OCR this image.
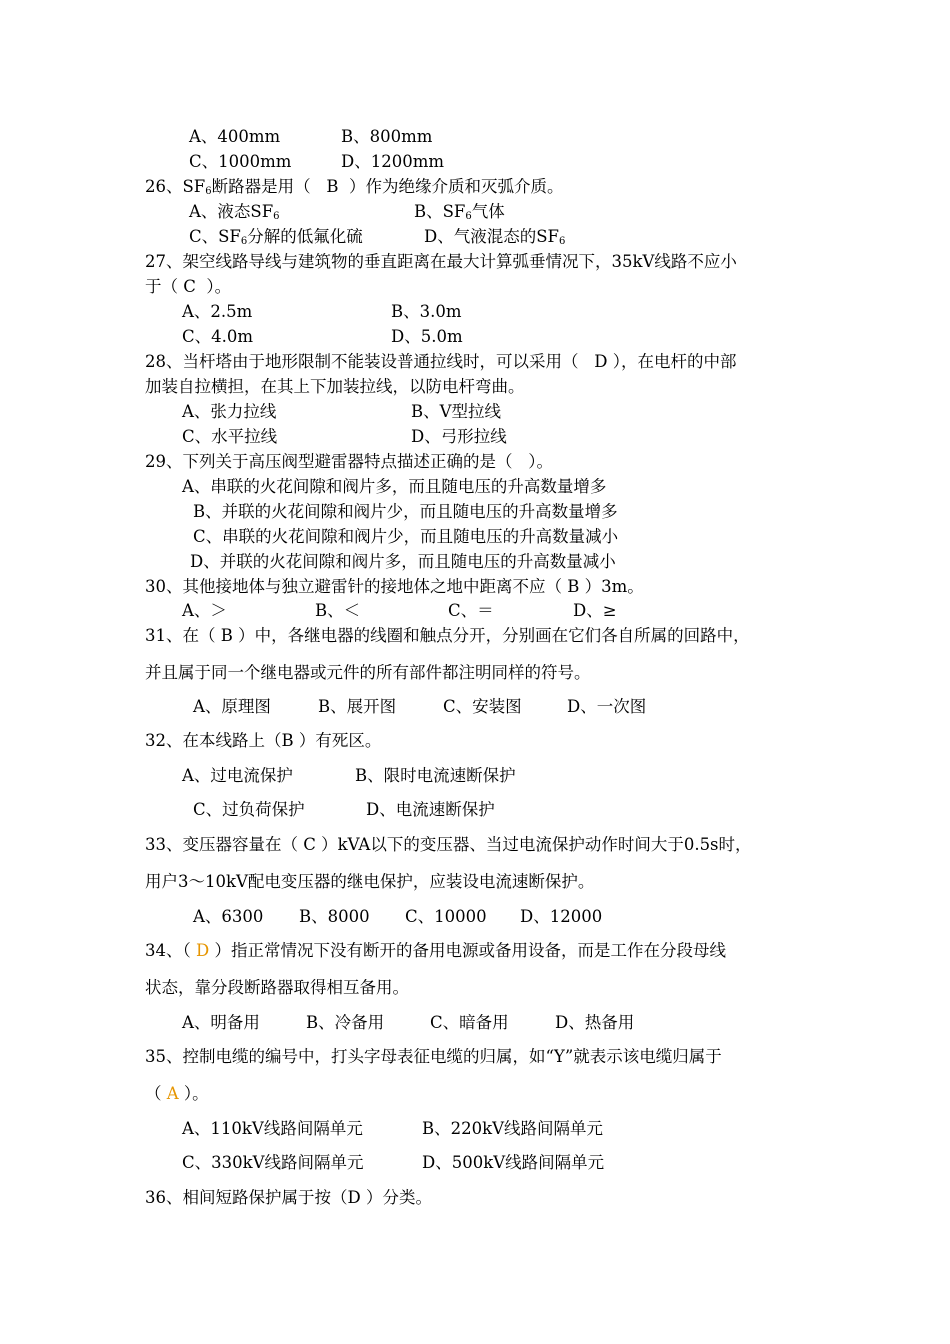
A、400mm	B、800mm
C、1000mm	D、1200mm
26、$SF_6$断路器是用（   B  ）作为绝缘介质和灭弧介质。
A、液态$SF_6$	B、$SF_6$气体
C、$SF_6$分解的低氟化硫	D、气液混态的$SF_6$
27、架空线路导线与建筑物的垂直距离在最大计算弧垂情况下，35kV线路不应小
于（ C  ）。
A、2.5m	B、3.0m
C、4.0m	D、5.0m
28、当杆塔由于地形限制不能装设普通拉线时，可以采用（   D ），在电杆的中部
加装自拉横担，在其上下加装拉线，以防电杆弯曲。
A、张力拉线	B、V型拉线
C、水平拉线	D、弓形拉线
29、下列关于高压阀型避雷器特点描述正确的是（   ）。
A、串联的火花间隙和阀片多，而且随电压的升高数量增多
B、并联的火花间隙和阀片少，而且随电压的升高数量增多
C、串联的火花间隙和阀片少，而且随电压的升高数量减小
D、并联的火花间隙和阀片多，而且随电压的升高数量减小
30、其他接地体与独立避雷针的接地体之地中距离不应（ B ）3m。
A、＞	B、＜	C、＝	D、≥
31、在（ B ）中，各继电器的线圈和触点分开，分别画在它们各自所属的回路中，
并且属于同一个继电器或元件的所有部件都注明同样的符号。
A、原理图	B、展开图	C、安装图	D、一次图
32、在本线路上（B ）有死区。
A、过电流保护	B、限时电流速断保护
C、过负荷保护	D、电流速断保护
33、变压器容量在（ C ）kVA以下的变压器、当过电流保护动作时间大于0.5s时，
用户3～10kV配电变压器的继电保护，应装设电流速断保护。
A、6300 B、8000 C、10000 D、12000
34、（ D ）指正常情况下没有断开的备用电源或备用设备，而是工作在分段母线
状态，靠分段断路器取得相互备用。
A、明备用	B、冷备用	C、暗备用	D、热备用
35、控制电缆的编号中，打头字母表征电缆的归属，如“Y”就表示该电缆归属于
（ A ）。
A、110kV线路间隔单元	B、220kV线路间隔单元
C、330kV线路间隔单元	D、500kV线路间隔单元
36、相间短路保护属于按（D ）分类。
